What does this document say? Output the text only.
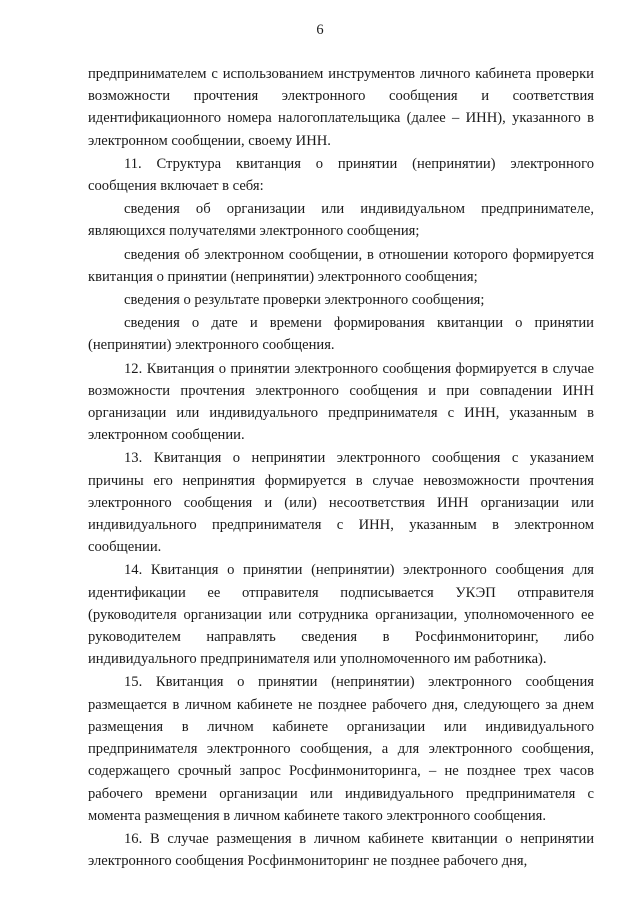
6

предпринимателем с использованием инструментов личного кабинета проверки возможности прочтения электронного сообщения и соответствия идентификационного номера налогоплательщика (далее – ИНН), указанного в электронном сообщении, своему ИНН.

11. Структура квитанция о принятии (непринятии) электронного сообщения включает в себя:

сведения об организации или индивидуальном предпринимателе, являющихся получателями электронного сообщения;

сведения об электронном сообщении, в отношении которого формируется квитанция о принятии (непринятии) электронного сообщения;

сведения о результате проверки электронного сообщения;

сведения о дате и времени формирования квитанции о принятии (непринятии) электронного сообщения.

12. Квитанция о принятии электронного сообщения формируется в случае возможности прочтения электронного сообщения и при совпадении ИНН организации или индивидуального предпринимателя с ИНН, указанным в электронном сообщении.

13. Квитанция о непринятии электронного сообщения с указанием причины его непринятия формируется в случае невозможности прочтения электронного сообщения и (или) несоответствия ИНН организации или индивидуального предпринимателя с ИНН, указанным в электронном сообщении.

14. Квитанция о принятии (непринятии) электронного сообщения для идентификации ее отправителя подписывается УКЭП отправителя (руководителя организации или сотрудника организации, уполномоченного ее руководителем направлять сведения в Росфинмониторинг, либо индивидуального предпринимателя или уполномоченного им работника).

15. Квитанция о принятии (непринятии) электронного сообщения размещается в личном кабинете не позднее рабочего дня, следующего за днем размещения в личном кабинете организации или индивидуального предпринимателя электронного сообщения, а для электронного сообщения, содержащего срочный запрос Росфинмониторинга, – не позднее трех часов рабочего времени организации или индивидуального предпринимателя с момента размещения в личном кабинете такого электронного сообщения.

16. В случае размещения в личном кабинете квитанции о непринятии электронного сообщения Росфинмониторинг не позднее рабочего дня,
